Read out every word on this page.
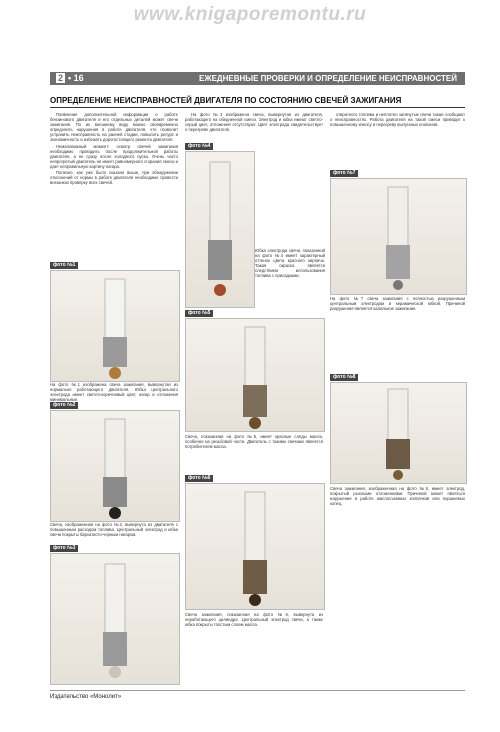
www.knigaporemontu.ru
2 • 16	ЕЖЕДНЕВНЫЕ ПРОВЕРКИ И ОПРЕДЕЛЕНИЕ НЕИСПРАВНОСТЕЙ
ОПРЕДЕЛЕНИЕ НЕИСПРАВНОСТЕЙ ДВИГАТЕЛЯ ПО СОСТОЯНИЮ СВЕЧЕЙ ЗАЖИГАНИЯ

Появление дополнительной информации о работе бензинового двигателя и его отдельных деталей может свечи зажигания. По их внешнему виду можно своевременно определить нарушения в работе двигателя, что позволит устранить неисправность на ранней стадии, повысить ресурс и экономичность и избежать дорогостоящего ремонта двигателя.

Немаловажный момент: осмотр свечей зажигания необходимо проводить после продолжительной работы двигателя, а не сразу после холодного пуска. Очень часто непрогретый двигатель не имеет равномерного сгорания смеси и дает неправильную картину нагара.

Полезно, как уже было сказано выше, при обнаружении отклонений от нормы в работе двигателя необходимо провести внешнюю проверку всех свечей.

фото №1
На фото №1 изображена свеча зажигания, вывернутая из нормально работающего двигателя. Юбка центрального электрода имеет светло-коричневый цвет, нагар и отложения минимальные.
фото №2
Свеча, изображенная на фото №2, вывернута из двигателя с повышенным расходом топлива. Центральный электрод и юбка свечи покрыты бархатисто-черным нагаром.
фото №3

На фото №3 изображена свеча, вывернутая из двигателя, работающего на обедненной смеси. Электрод и юбка имеют светло-серый цвет, отложения отсутствуют. Цвет электрода свидетельствует о перегреве двигателя.

фото №4
Юбка электрода свечи, показанной на фото №4 имеет характерный оттенок цвета красного кирпича. Такая окраска является следствием использования топлива с присадками.
фото №5
Свеча, показанная на фото №5, имеет красные следы масла, особенно на резьбовой части. Двигатель с такими свечами является потребителем масла.
фото №6
Свеча зажигания, показанная на фото №6, вывернута из неработающего цилиндра. Центральный электрод свечи, а также юбка покрыты толстым слоем масла.

отвратного топлива и неплотно затянутые свечи также сообщают о неисправностях. Работа двигателя на такой смеси приводит к повышенному износу и перегреву выпускных клапанов.

фото №7
На фото №7 свеча зажигания с полностью разрушенным центральным электродом и керамической юбкой. Причиной разрушения является калильное зажигание.
фото №8
Свеча зажигания, изображенная на фото №8, имеет электрод, покрытый рыхлыми отложениями. Причиной может являться нарушение в работе маслосъемных колпачков или поршневых колец.
Издательство «Монолит»
